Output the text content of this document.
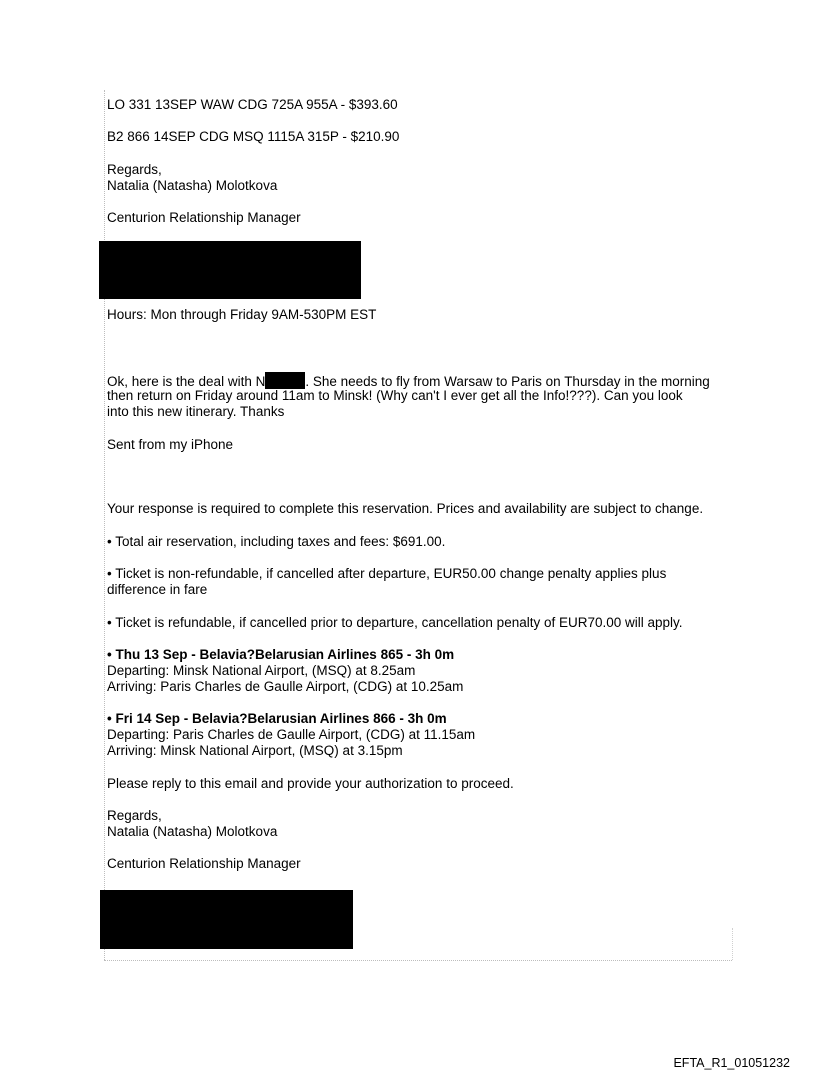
LO 331 13SEP WAW CDG 725A 955A - $393.60
B2 866 14SEP CDG MSQ 1115A 315P - $210.90
Regards,
Natalia (Natasha) Molotkova
Centurion Relationship Manager
Hours: Mon through Friday 9AM-530PM EST
Ok, here is the deal with N	. She needs to fly from Warsaw to Paris on Thursday in the morning
then return on Friday around 11am to Minsk! (Why can't I ever get all the Info!???). Can you look
into this new itinerary. Thanks
Sent from my iPhone
Your response is required to complete this reservation. Prices and availability are subject to change.
• Total air reservation, including taxes and fees: $691.00.
• Ticket is non-refundable, if cancelled after departure, EUR50.00 change penalty applies plus
difference in fare
• Ticket is refundable, if cancelled prior to departure, cancellation penalty of EUR70.00 will apply.
• Thu 13 Sep - Belavia?Belarusian Airlines 865 - 3h 0m
Departing: Minsk National Airport, (MSQ) at 8.25am
Arriving: Paris Charles de Gaulle Airport, (CDG) at 10.25am
• Fri 14 Sep - Belavia?Belarusian Airlines 866 - 3h 0m
Departing: Paris Charles de Gaulle Airport, (CDG) at 11.15am
Arriving: Minsk National Airport, (MSQ) at 3.15pm
Please reply to this email and provide your authorization to proceed.
Regards,
Natalia (Natasha) Molotkova
Centurion Relationship Manager
EFTA_R1_01051232
